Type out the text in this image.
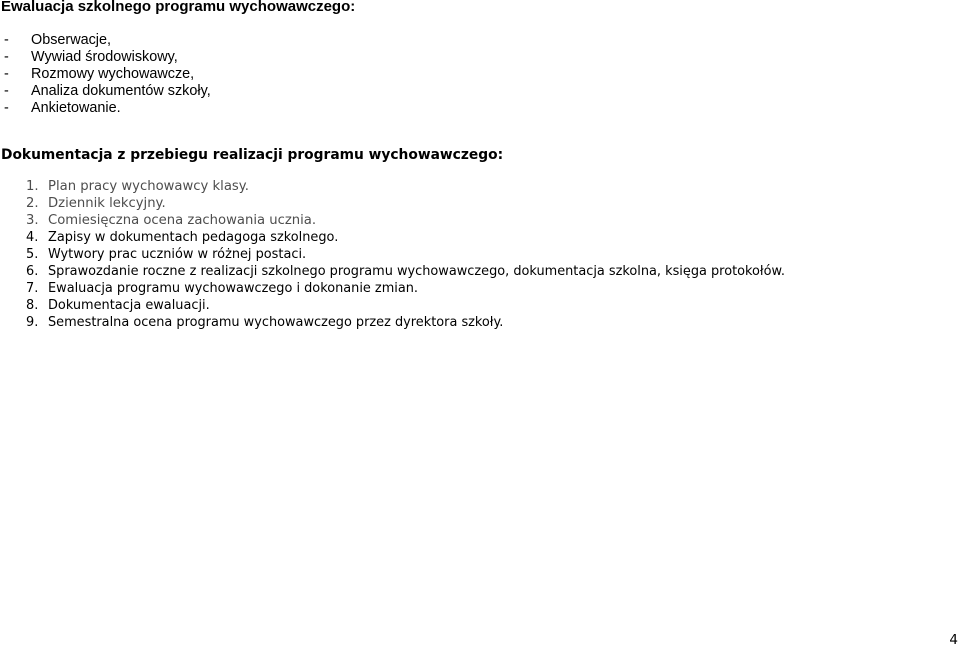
Ewaluacja szkolnego programu wychowawczego:
- Obserwacje,
- Wywiad środowiskowy,
- Rozmowy wychowawcze,
- Analiza dokumentów szkoły,
- Ankietowanie.
Dokumentacja z przebiegu realizacji programu wychowawczego:
1. Plan pracy wychowawcy klasy.
2. Dziennik lekcyjny.
3. Comiesięczna ocena zachowania ucznia.
4. Zapisy w dokumentach pedagoga szkolnego.
5. Wytwory prac uczniów w różnej postaci.
6. Sprawozdanie roczne z realizacji szkolnego programu wychowawczego, dokumentacja szkolna, księga protokołów.
7. Ewaluacja programu wychowawczego i dokonanie zmian.
8. Dokumentacja ewaluacji.
9. Semestralna ocena programu wychowawczego przez dyrektora szkoły.
4
